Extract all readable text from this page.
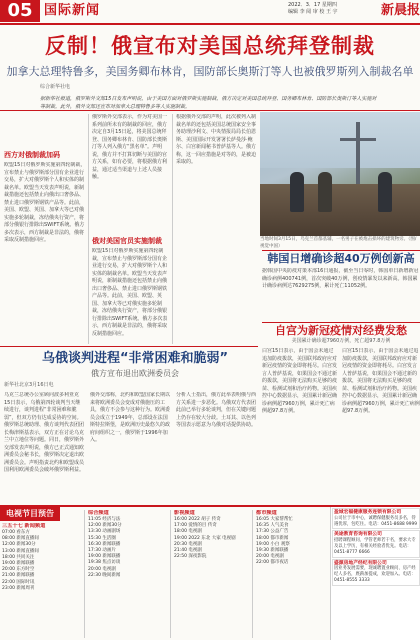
05 国际新闻	2022．3．17 星期四
编辑 李 阅 审 校 王 宇	新晨报
反制！俄宣布对美国总统拜登制裁
加拿大总理特鲁多，美国务卿布林肯，国防部长奥斯汀等人也被俄罗斯列入制裁名单
综合新华社电
据新华社报道，俄罗斯外交部15日发布声明说，由于美国方面对俄罗斯实施制裁，俄方决定对美国总统拜登、国务卿布林肯、国防部长奥斯汀等人实施对等制裁。此外，俄外交部还宣布对加拿大总理特鲁多等人实施制裁。
西方对俄制裁加码
欧盟15日对俄罗斯实施第四轮制裁，宣布禁止与俄罗斯部分国有企业进行交易，扩大对俄罗斯个人和实体的制裁名单。欧盟当天发表声明说，新制裁措施还包括禁止向俄出口奢侈品、禁止进口俄罗斯钢铁产品等。此前，美国、欧盟、英国、加拿大等已对俄实施多轮制裁，冻结俄央行资产，将部分俄银行排除出SWIFT系统。俄方多次表示，西方制裁是非法的，俄将采取反制措施回应。
俄罗斯外交部表示，作为对美国一系列前所未有的制裁的回应，俄方决定自3月15日起，将美国总统拜登、国务卿布林肯、国防部长奥斯汀等人列入俄方“黑名单”。声明说，俄方并不打算切断与美国的官方关系，如有必要，将根据俄方利益，通过适当渠道与上述人员接触。
俄对美国官员实施制裁
欧盟15日对俄罗斯实施第四轮制裁，宣布禁止与俄罗斯部分国有企业进行交易，扩大对俄罗斯个人和实体的制裁名单。欧盟当天发表声明说，新制裁措施还包括禁止向俄出口奢侈品、禁止进口俄罗斯钢铁产品等。此前，美国、欧盟、英国、加拿大等已对俄实施多轮制裁，冻结俄央行资产，将部分俄银行排除出SWIFT系统。俄方多次表示，西方制裁是非法的，俄将采取反制措施回应。
根据俄外交部的声明，此次被列入制裁名单的还包括美国总统国家安全事务助理沙利文、中央情报局局长伯恩斯、美国国际开发署署长萨曼莎·鲍尔、白宫新闻秘书普萨基等人。俄方称，这一回应措施是对等的，是被迫采取的。
当地时间3月15日，乌克兰首都基辅，一名男子在被炮击损坏的建筑物旁。（图/视觉中国）
韩国日增确诊超40万例创新高
据韩国中央防疫对策本部16日通报，截至当日零时，韩国单日新增新冠确诊病例400741例，首次突破40万例，创疫情暴发以来新高。韩国累计确诊病例达7629275例，累计死亡11052例。
自宫为新冠疫情对经费发愁
美国累计确诊超7960万例，死亡超97.8万例
白宫15日表示，由于国会未通过追加防疫拨款，美国联邦政府应对新冠疫情的资金即将耗尽。白宫发言人普萨基说，如果国会不通过新的拨款，美国将无法购买足够的疫苗、检测试剂和治疗药物。美国疾控中心数据显示，美国累计新冠确诊病例超7960万例，累计死亡病例超97.8万例。
白宫15日表示，由于国会未通过追加防疫拨款，美国联邦政府应对新冠疫情的资金即将耗尽。白宫发言人普萨基说，如果国会不通过新的拨款，美国将无法购买足够的疫苗、检测试剂和治疗药物。美国疾控中心数据显示，美国累计新冠确诊病例超7960万例，累计死亡病例超97.8万例。
乌俄谈判进程“非常困难和脆弱”
俄方宣布退出欧洲委员会
新华社北京3月16日电
乌克兰总统办公室顾问波多利亚克15日表示，乌俄第四轮谈判当天继续进行，谈判进程“非常困难和脆弱”，但双方仍有达成妥协的空间。俄罗斯总统助理、俄方谈判代表团团长梅津斯基表示，双方正在讨论乌克兰中立地位等问题。同日，俄罗斯外交部发表声明说，俄方已正式通知欧洲委员会秘书长，俄罗斯决定退出欧洲委员会。声明指责北约和欧盟成员国利用欧洲委员会破坏俄罗斯利益。
俄外交部称，北约和欧盟国家长期以来将欧洲委员会变成对俄施压的工具，俄方不会参与这种行为。欧洲委员会成立于1949年，总部设在法国斯特拉斯堡，是欧洲历史最悠久的政府间组织之一，俄罗斯于1996年加入。
分析人士指出，俄方此举表明俄与西方关系进一步恶化。乌俄双方代表团此前已举行多轮谈判，但在关键问题上仍存在较大分歧。土耳其、以色列等国表示愿意为乌俄对话提供协助。
电视节目预告
三五十七 新闻频道
07:00 看东方
08:00 新闻直播间
12:00 新闻30分
13:00 新闻直播间
18:00 共同关注
19:00 新闻联播
20:00 东方时空
21:00 新闻联播
22:00 国际时讯
23:00 新闻周刊
综合频道
11:05 经济与法
12:00 新闻30分
13:30 动画剧场
15:30 生活圈
16:30 新闻联播
17:30 动画片
19:00 新闻联播
19:38 焦点访谈
20:00 电视剧
22:30 晚间新闻
影视频道
16:00 2022 胡子 传奇
17:00 爱情的目 传奇
18:00 电视剧
19:00 2022 东北 大家 电视剧
20:30 电视剧
21:40 电视剧
22:50 深夜影院
都市频道
16:05 大家帮帮忙
16:35 人气美食
17:30 公益广告
18:00 都市新闻
19:00 小白 观察
19:30 新闻联播
20:00 电视剧
22:00 都市夜话
盈城宏福健康服务连锁有限公司
公司位于市中心，诚聘保健服务员多名，待遇优厚，包吃住。电话：0451-8688 9999
美途教育咨询有限公司
招聘课程顾问、学管老师若干名，要求大专及以上学历，有相关经验者优先。电话：0451-8777 6666
盛源房地产经纪有限公司
因业务发展需要，现诚聘置业顾问、房产经纪人多名，底薪加提成，欢迎加入。电话：0451-8555 3333
